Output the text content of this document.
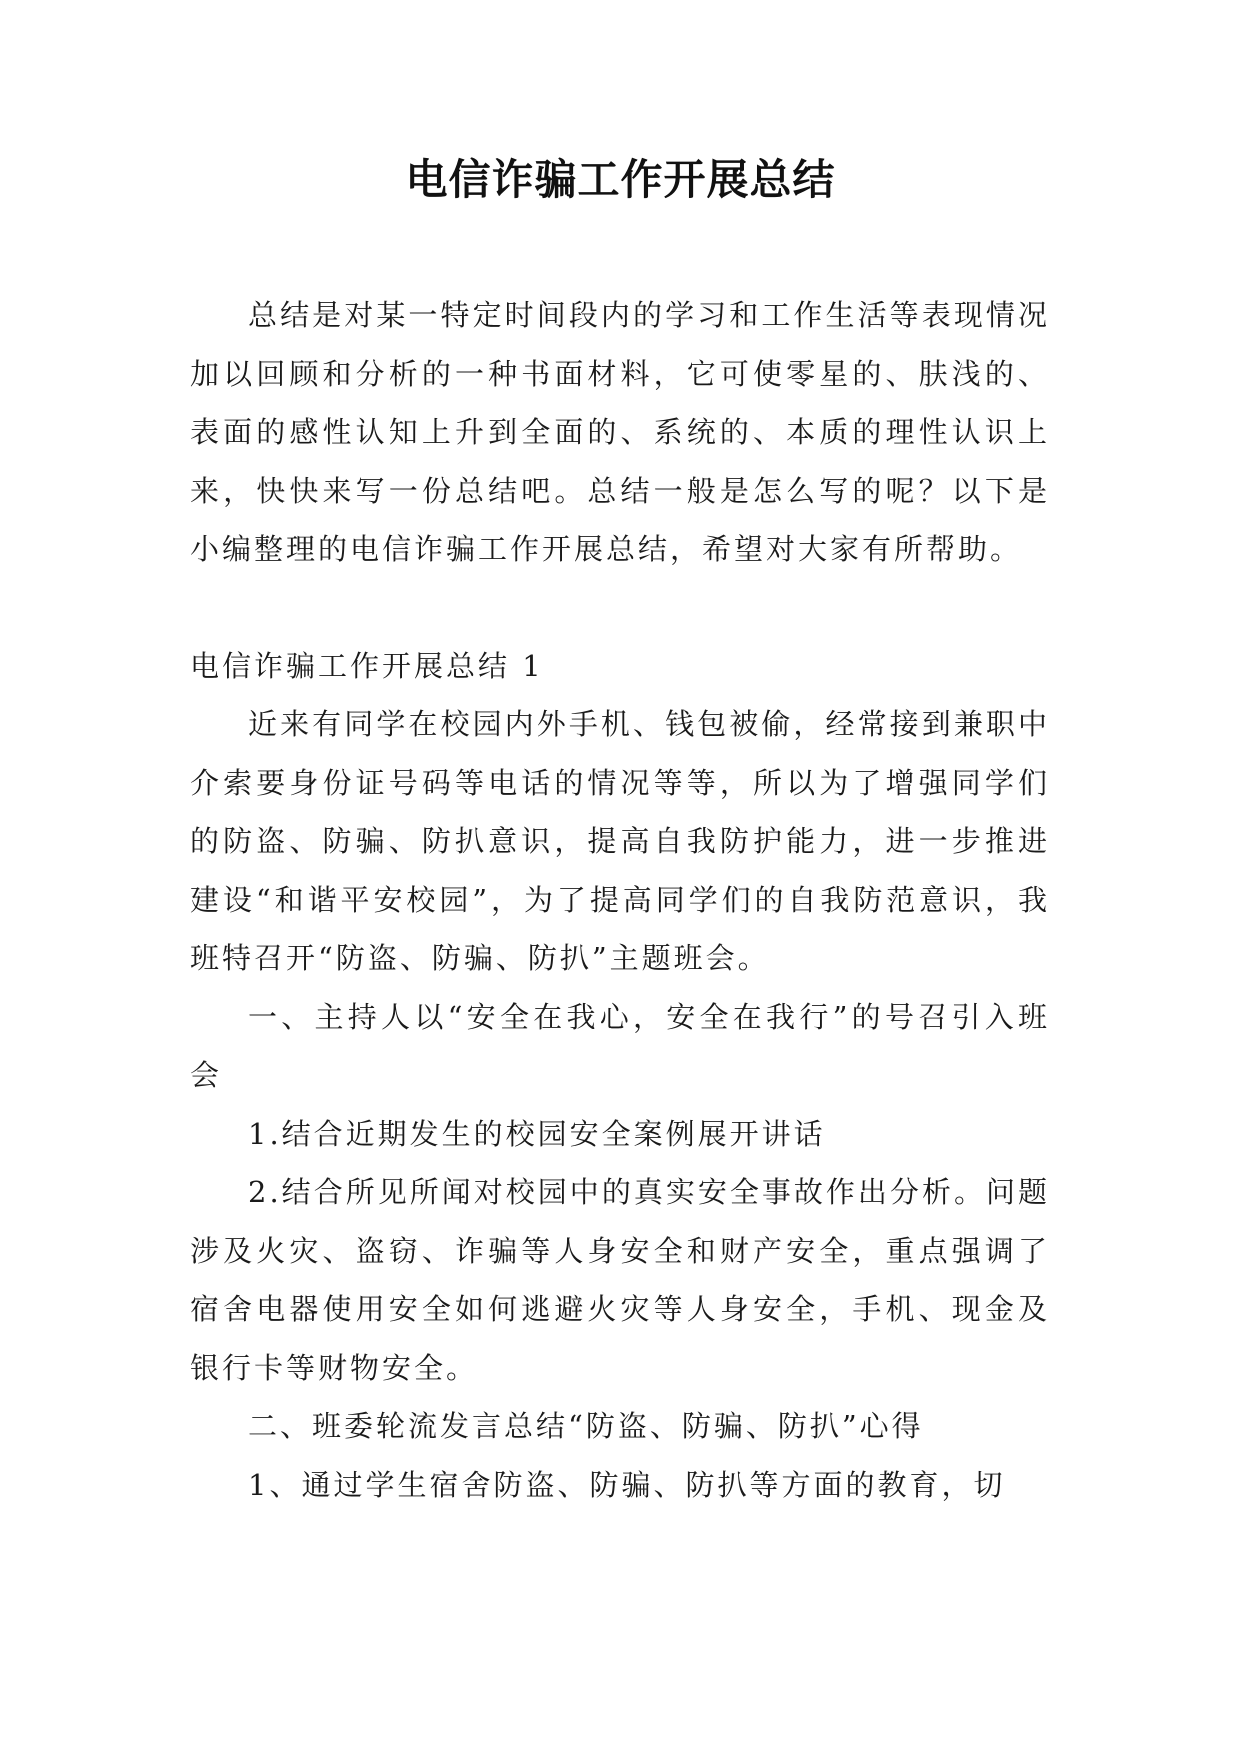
电信诈骗工作开展总结

总结是对某一特定时间段内的学习和工作生活等表现情况加以回顾和分析的一种书面材料，它可使零星的、肤浅的、表面的感性认知上升到全面的、系统的、本质的理性认识上来，快快来写一份总结吧。总结一般是怎么写的呢？以下是小编整理的电信诈骗工作开展总结，希望对大家有所帮助。

电信诈骗工作开展总结 1

近来有同学在校园内外手机、钱包被偷，经常接到兼职中介索要身份证号码等电话的情况等等，所以为了增强同学们的防盗、防骗、防扒意识，提高自我防护能力，进一步推进建设“和谐平安校园”，为了提高同学们的自我防范意识，我班特召开“防盗、防骗、防扒”主题班会。

一、主持人以“安全在我心，安全在我行”的号召引入班会

1.结合近期发生的校园安全案例展开讲话

2.结合所见所闻对校园中的真实安全事故作出分析。问题涉及火灾、盗窃、诈骗等人身安全和财产安全，重点强调了宿舍电器使用安全如何逃避火灾等人身安全，手机、现金及银行卡等财物安全。

二、班委轮流发言总结“防盗、防骗、防扒”心得

1、通过学生宿舍防盗、防骗、防扒等方面的教育，切
